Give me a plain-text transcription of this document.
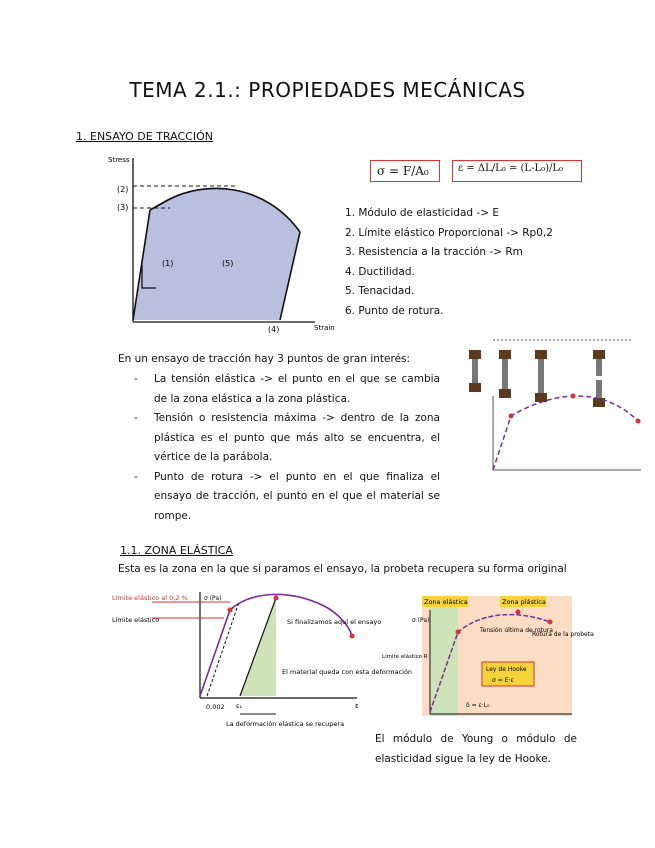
TEMA 2.1.: PROPIEDADES MECÁNICAS
1. ENSAYO DE TRACCIÓN
Stress
Strain
(2)
(3)
(1)	(5)
(4)
σ = F/A₀	ε = ΔL/L₀ = (L-L₀)/L₀
1. Módulo de elasticidad -> E
2. Límite elástico Proporcional -> Rp0,2
3. Resistencia a la tracción -> Rm
4. Ductilidad.
5. Tenacidad.
6. Punto de rotura.
En un ensayo de tracción hay 3 puntos de gran interés:
- La tensión elástica -> el punto en el que se cambia de la zona elástica a la zona plástica.
- Tensión o resistencia máxima -> dentro de la zona plástica es el punto que más alto se encuentra, el vértice de la parábola.
- Punto de rotura -> el punto en el que finaliza el ensayo de tracción, el punto en el que el material se rompe.
1.1. ZONA ELÁSTICA
Esta es la zona en la que si paramos el ensayo, la probeta recupera su forma original
σ (Pa)
ε
Límite elástico al 0,2 %
Límite elástico	Si finalizamos aquí el ensayo
El material queda con esta deformación
0,002 ε₁
La deformación elástica se recupera
Zona elástica	Zona plástica
σ (Pa)
Límite elástico R
Tensión última de rotura
Rotura de la probeta
Ley de Hooke
σ = E·ε
δ = ε·L₀
El módulo de Young o módulo de elasticidad sigue la ley de Hooke.
